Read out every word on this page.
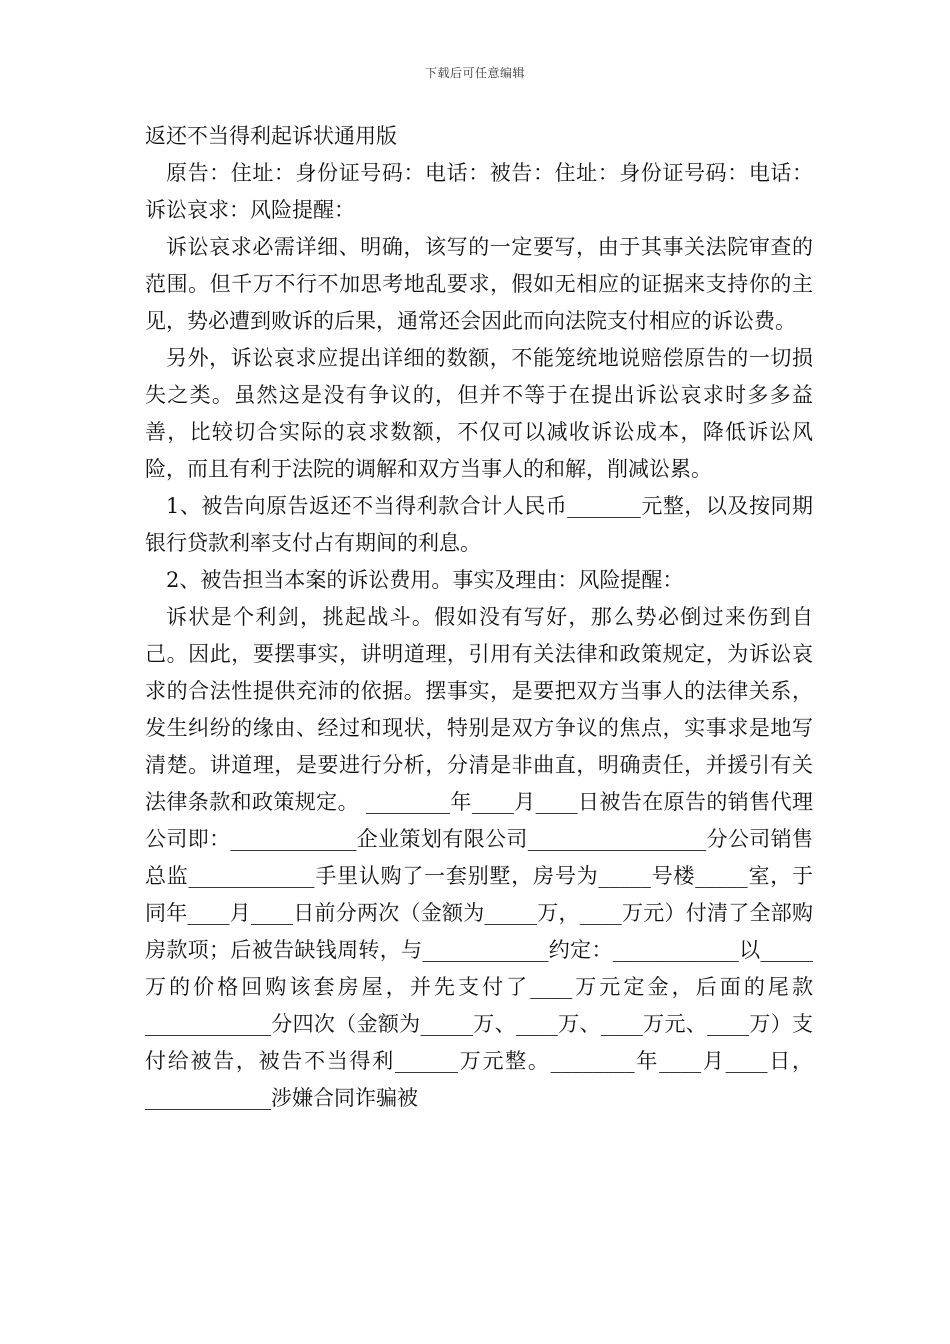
下载后可任意编辑

返还不当得利起诉状通用版

原告：住址：身份证号码：电话：被告：住址：身份证号码：电话：诉讼哀求：风险提醒：

诉讼哀求必需详细、明确，该写的一定要写，由于其事关法院审查的范围。但千万不行不加思考地乱要求，假如无相应的证据来支持你的主见，势必遭到败诉的后果，通常还会因此而向法院支付相应的诉讼费。

另外，诉讼哀求应提出详细的数额，不能笼统地说赔偿原告的一切损失之类。虽然这是没有争议的，但并不等于在提出诉讼哀求时多多益善，比较切合实际的哀求数额，不仅可以减收诉讼成本，降低诉讼风险，而且有利于法院的调解和双方当事人的和解，削减讼累。

1、被告向原告返还不当得利款合计人民币_______元整，以及按同期银行贷款利率支付占有期间的利息。

2、被告担当本案的诉讼费用。事实及理由：风险提醒：

诉状是个利剑，挑起战斗。假如没有写好，那么势必倒过来伤到自己。因此，要摆事实，讲明道理，引用有关法律和政策规定，为诉讼哀求的合法性提供充沛的依据。摆事实，是要把双方当事人的法律关系，发生纠纷的缘由、经过和现状，特别是双方争议的焦点，实事求是地写清楚。讲道理，是要进行分析，分清是非曲直，明确责任，并援引有关法律条款和政策规定。 ________年____月____日被告在原告的销售代理公司即：____________企业策划有限公司_________________分公司销售总监____________手里认购了一套别墅，房号为_____号楼_____室，于同年____月____日前分两次（金额为_____万，____万元）付清了全部购房款项；后被告缺钱周转，与____________约定：____________以_____万的价格回购该套房屋，并先支付了____万元定金，后面的尾款____________分四次（金额为_____万、____万、____万元、____万）支付给被告，被告不当得利______万元整。________年____月____日，____________涉嫌合同诈骗被
